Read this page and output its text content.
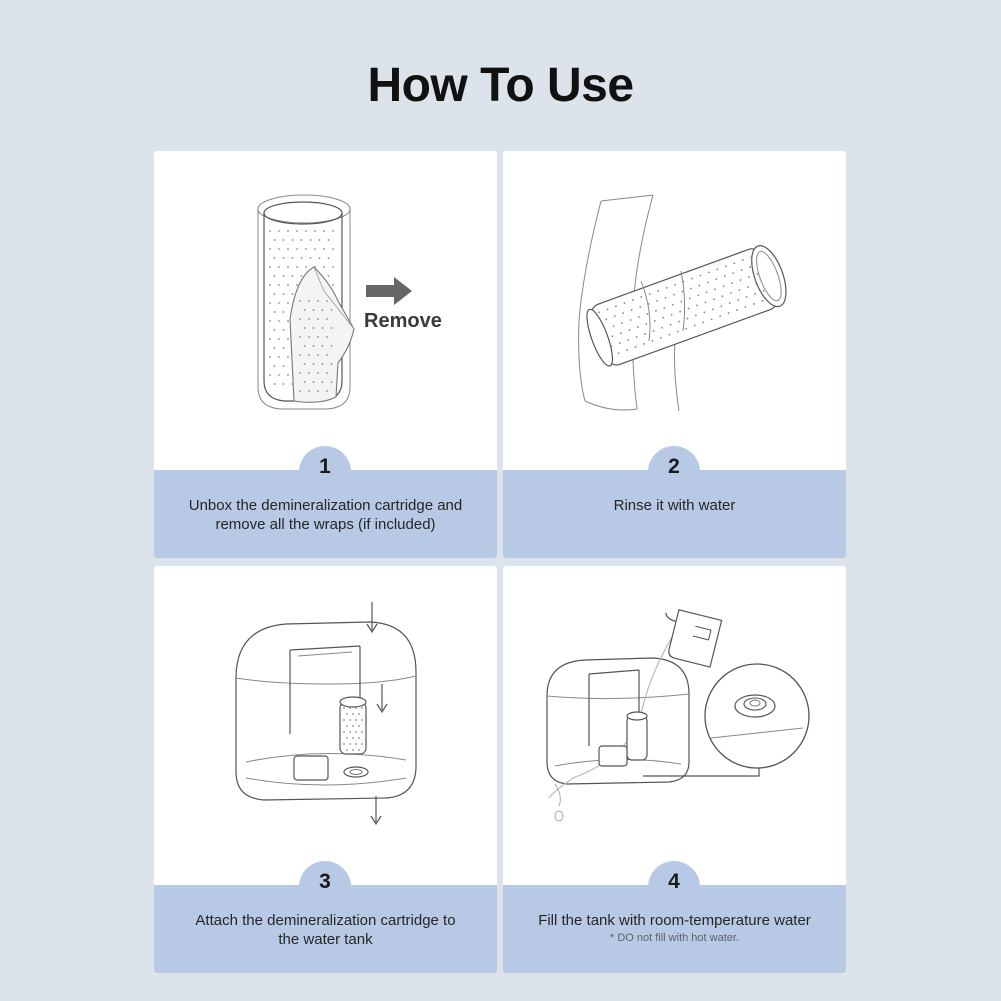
How To Use
Remove
1
Unbox the demineralization cartridge and
remove all the wraps (if included)
2
Rinse it with water
3
Attach the demineralization cartridge to
the water tank
4
Fill the tank with room-temperature water
* DO not fill with hot water.
